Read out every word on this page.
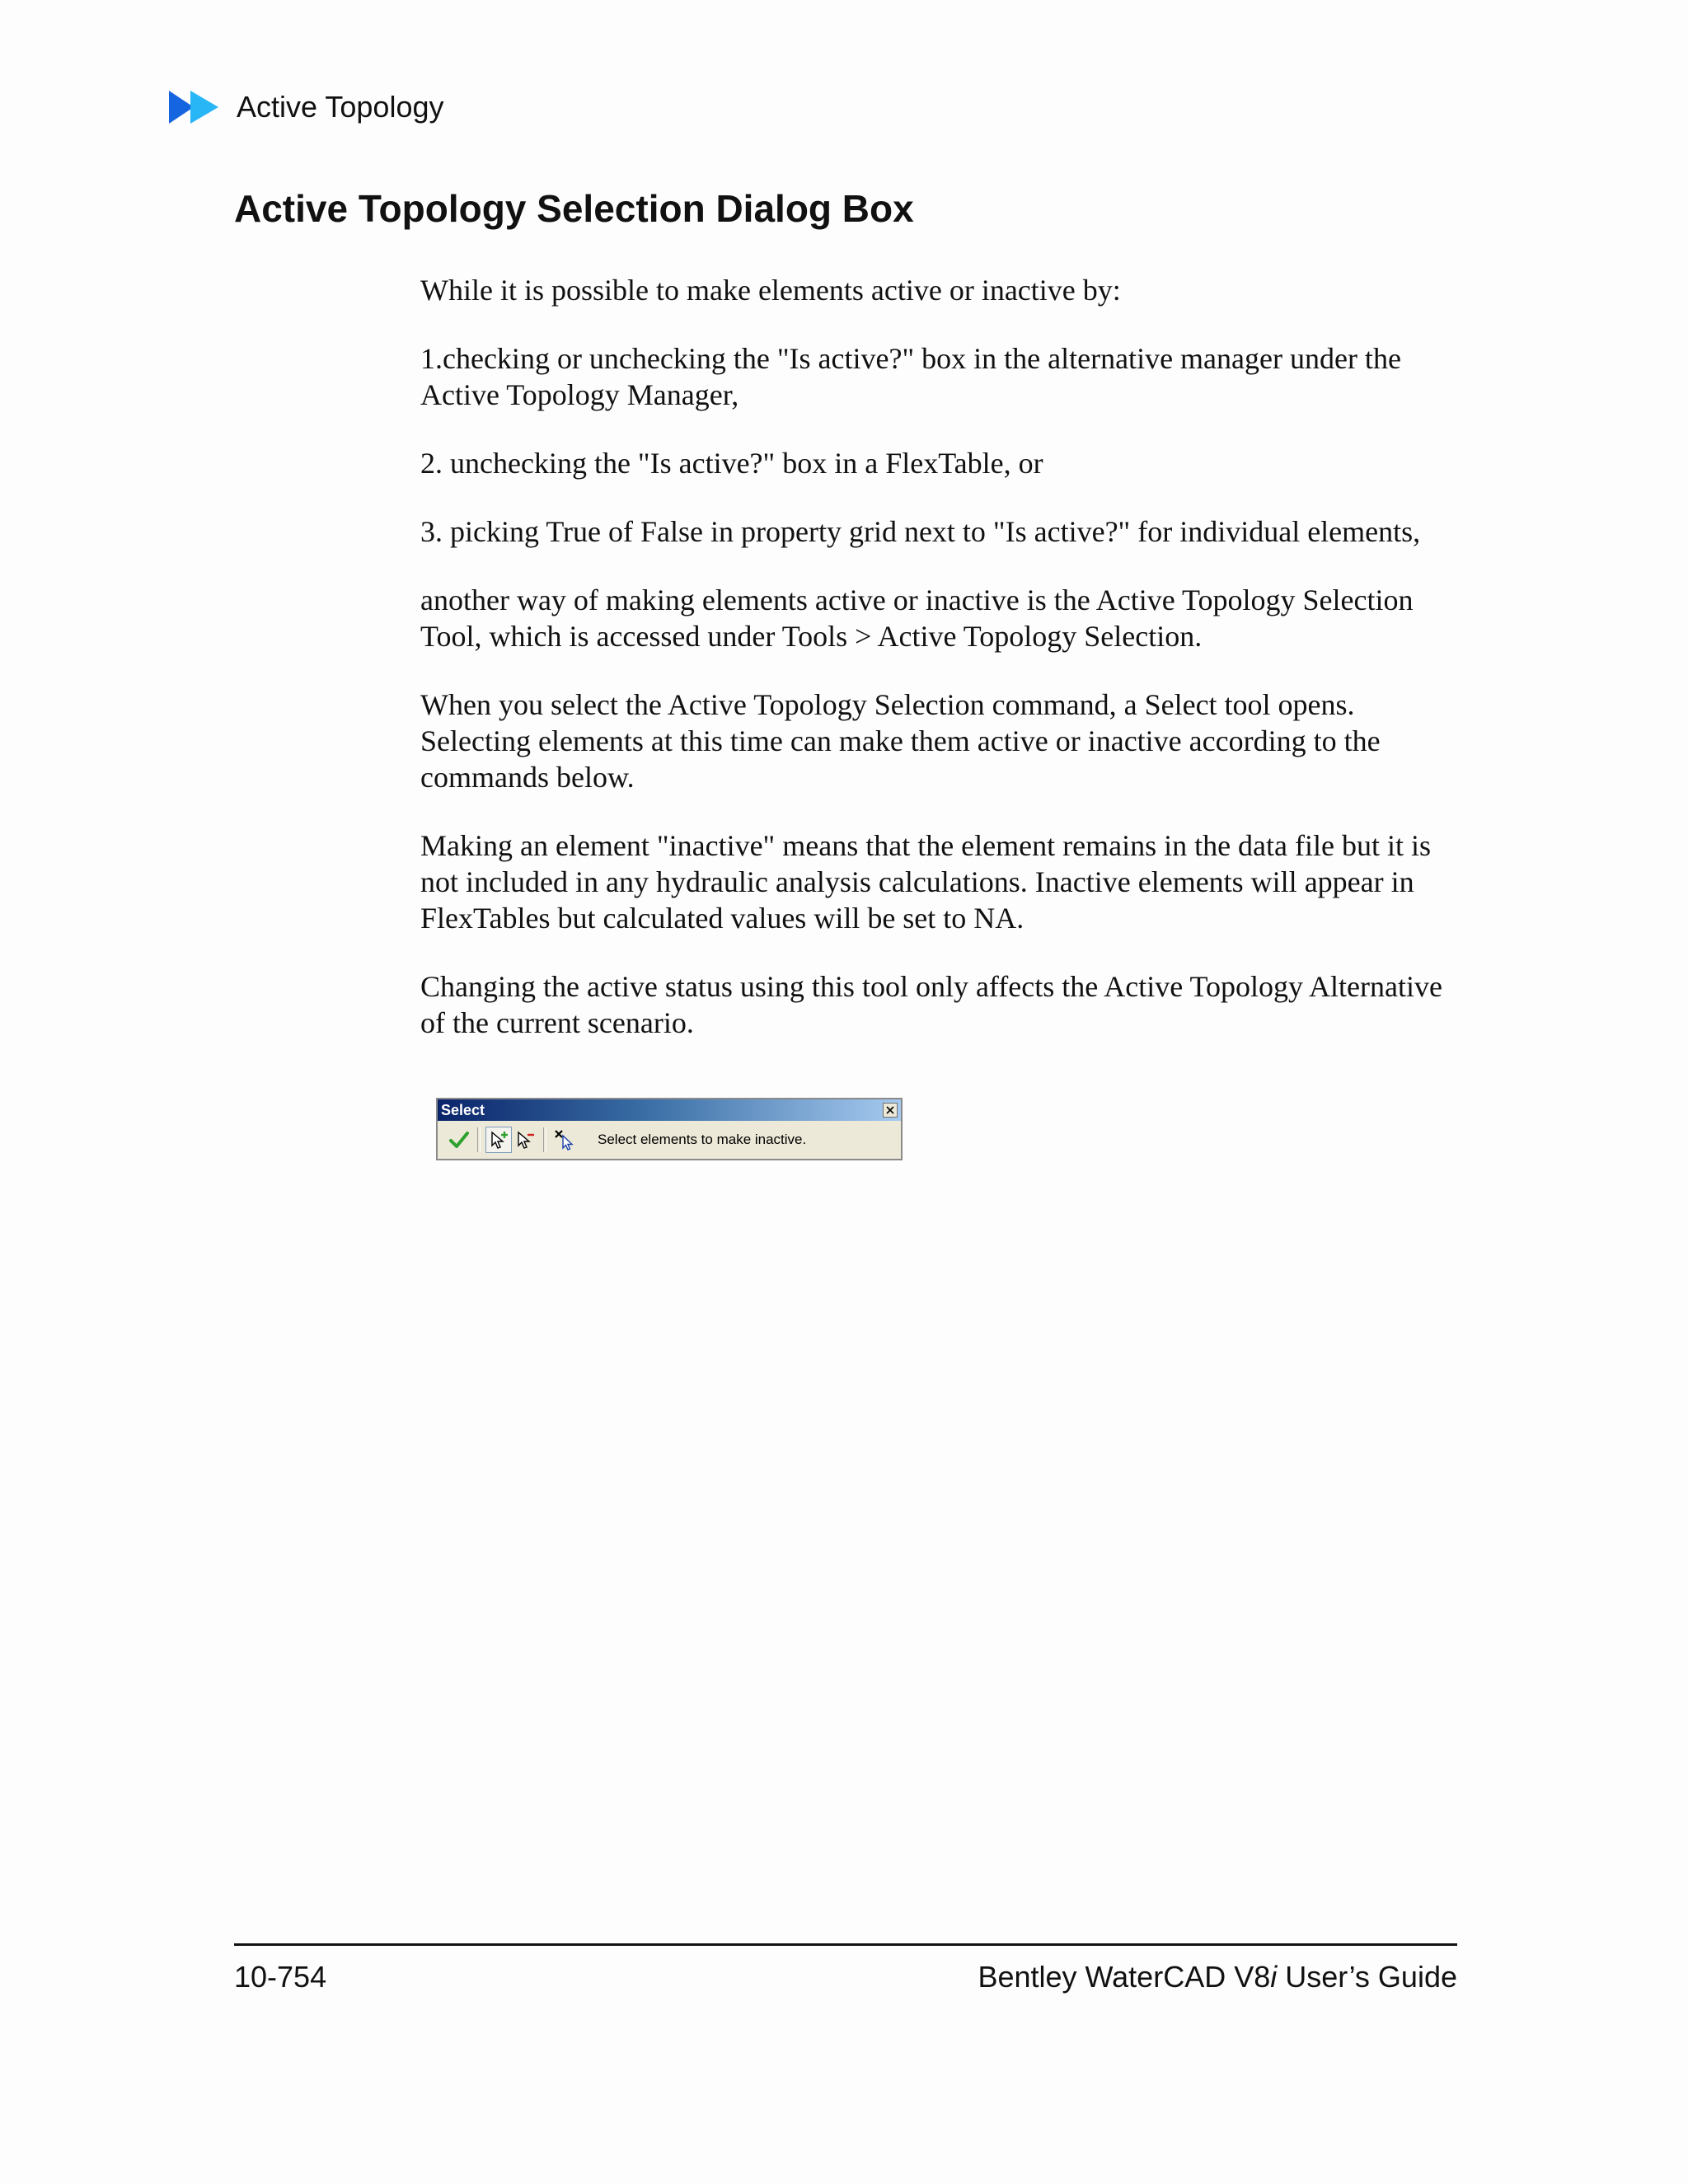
Active Topology
Active Topology Selection Dialog Box

While it is possible to make elements active or inactive by:

1.checking or unchecking the "Is active?" box in the alternative manager under the Active Topology Manager,

2. unchecking the "Is active?" box in a FlexTable, or

3. picking True of False in property grid next to "Is active?" for individual elements,

another way of making elements active or inactive is the Active Topology Selection Tool, which is accessed under Tools > Active Topology Selection.

When you select the Active Topology Selection command, a Select tool opens. Selecting elements at this time can make them active or inactive according to the commands below.

Making an element "inactive" means that the element remains in the data file but it is not included in any hydraulic analysis calculations. Inactive elements will appear in FlexTables but calculated values will be set to NA.

Changing the active status using this tool only affects the Active Topology Alternative of the current scenario.

Select
Select elements to make inactive.
10-754	Bentley WaterCAD V8i User’s Guide
